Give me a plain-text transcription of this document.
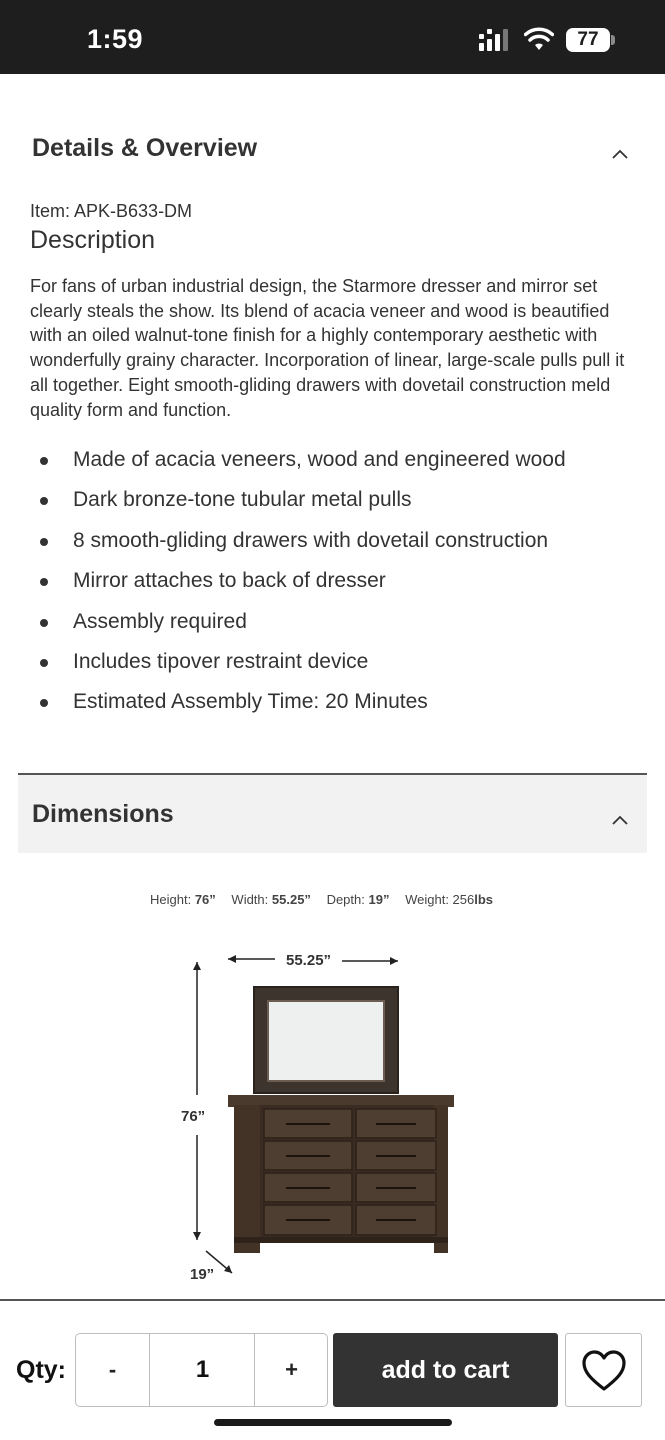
1:59	77
Details & Overview
Item: APK-B633-DM
Description
For fans of urban industrial design, the Starmore dresser and mirror set clearly steals the show. Its blend of acacia veneer and wood is beautified with an oiled walnut-tone finish for a highly contemporary aesthetic with wonderfully grainy character. Incorporation of linear, large-scale pulls pull it all together. Eight smooth-gliding drawers with dovetail construction meld quality form and function.
Made of acacia veneers, wood and engineered wood
Dark bronze-tone tubular metal pulls
8 smooth-gliding drawers with dovetail construction
Mirror attaches to back of dresser
Assembly required
Includes tipover restraint device
Estimated Assembly Time: 20 Minutes
Dimensions
Height: 76” Width: 55.25” Depth: 19” Weight: 256lbs
55.25”
76”
19”
Qty:	-	1	+	add to cart
